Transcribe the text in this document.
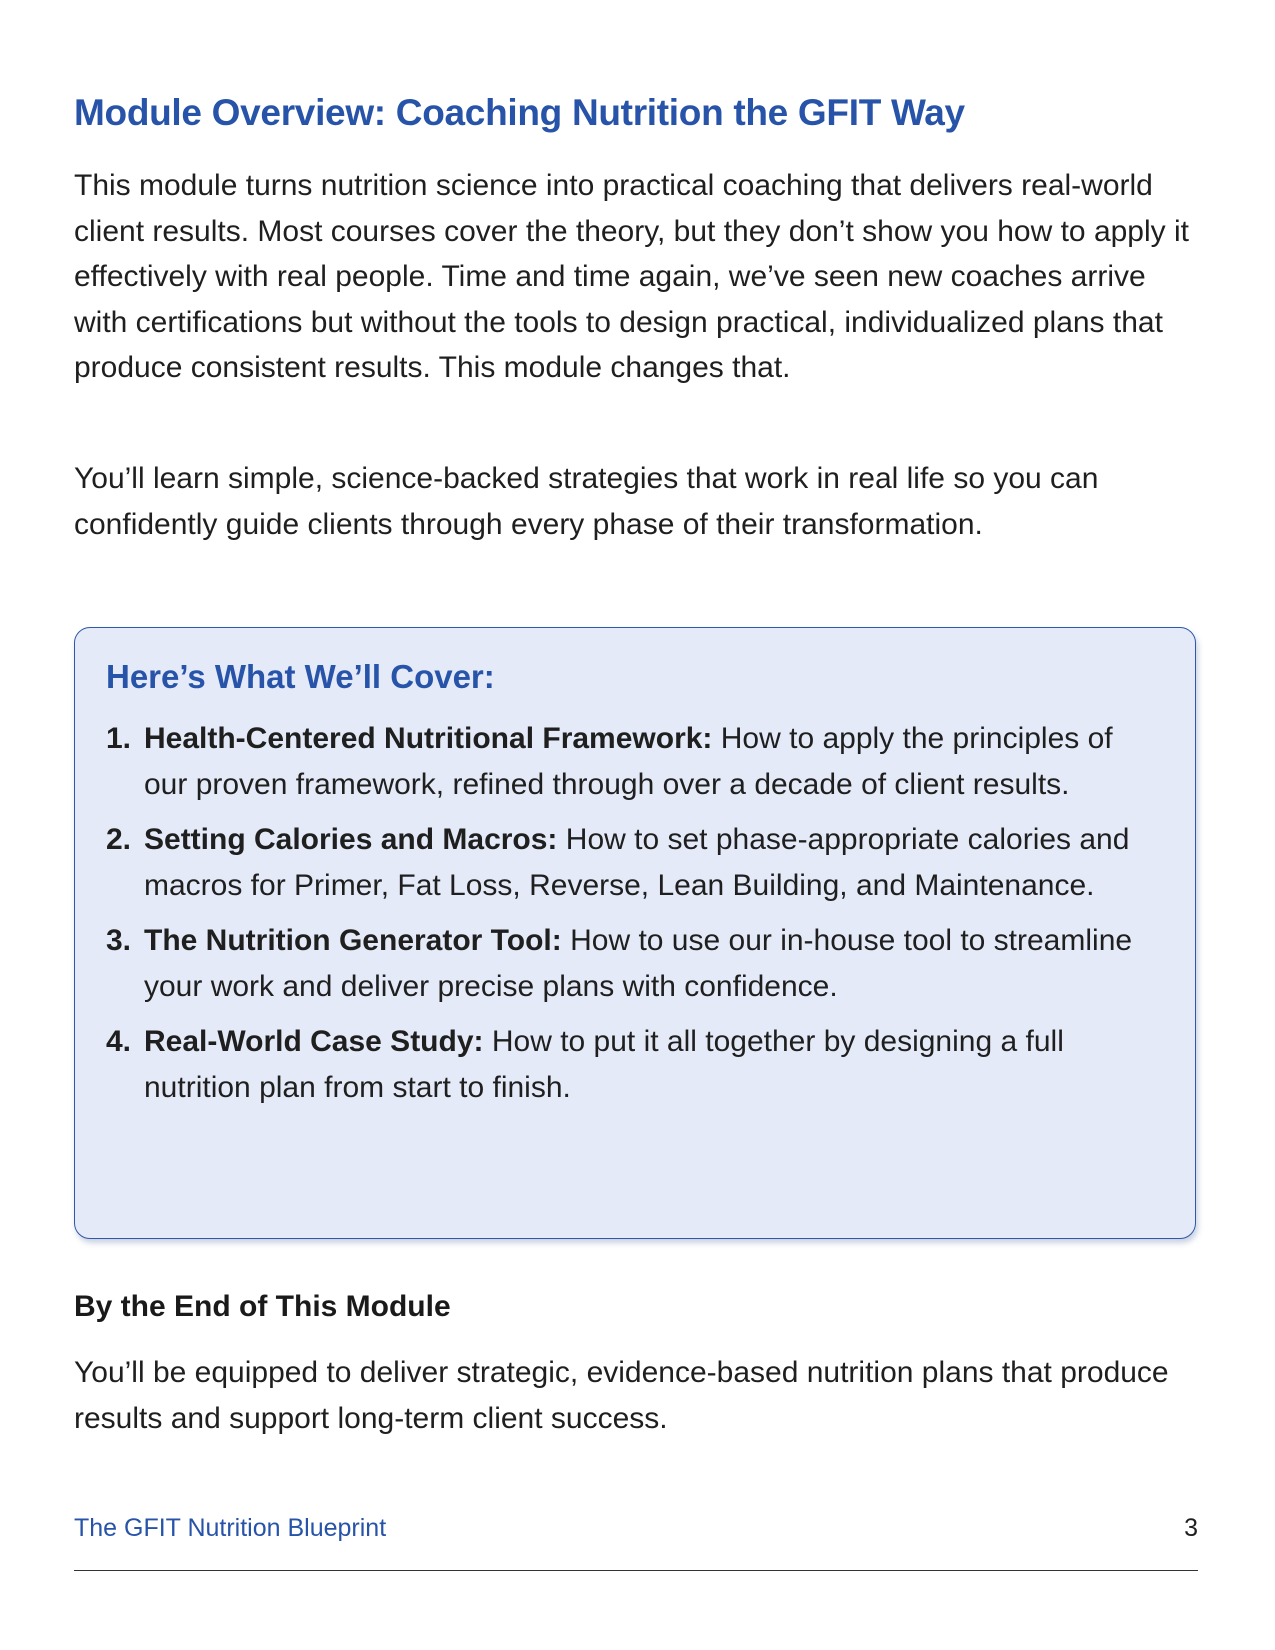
Module Overview: Coaching Nutrition the GFIT Way

This module turns nutrition science into practical coaching that delivers real-world client results. Most courses cover the theory, but they don’t show you how to apply it effectively with real people. Time and time again, we’ve seen new coaches arrive with certifications but without the tools to design practical, individualized plans that produce consistent results. This module changes that.

You’ll learn simple, science-backed strategies that work in real life so you can confidently guide clients through every phase of their transformation.

Here’s What We’ll Cover:
1. Health-Centered Nutritional Framework: How to apply the principles of our proven framework, refined through over a decade of client results.
2. Setting Calories and Macros: How to set phase-appropriate calories and macros for Primer, Fat Loss, Reverse, Lean Building, and Maintenance.
3. The Nutrition Generator Tool: How to use our in-house tool to streamline your work and deliver precise plans with confidence.
4. Real-World Case Study: How to put it all together by designing a full nutrition plan from start to finish.
By the End of This Module

You’ll be equipped to deliver strategic, evidence-based nutrition plans that produce results and support long-term client success.

The GFIT Nutrition Blueprint	3
